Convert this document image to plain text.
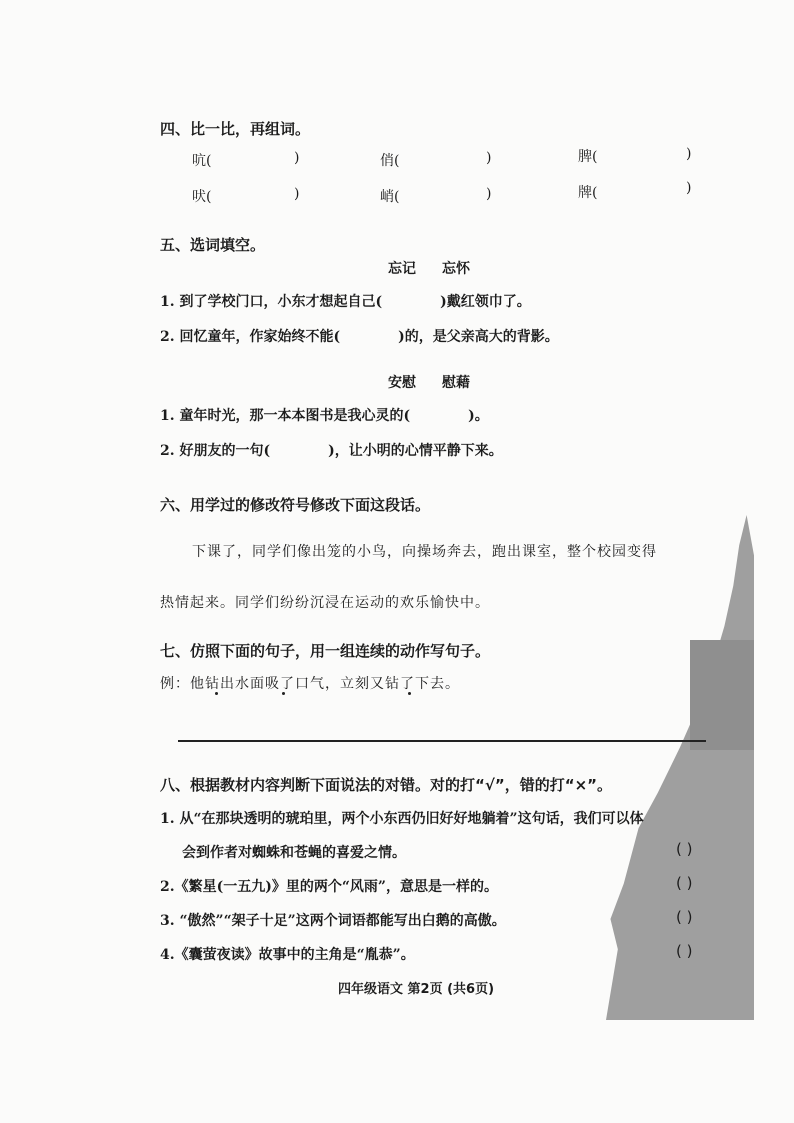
四、比一比，再组词。
吭(	)	俏(	)	脾(	)
吠(	)	峭(	)	牌(	)
五、选词填空。
忘记 忘怀
1. 到了学校门口，小东才想起自己(	)戴红领巾了。
2. 回忆童年，作家始终不能(	)的，是父亲高大的背影。
安慰 慰藉
1. 童年时光，那一本本图书是我心灵的(	)。
2. 好朋友的一句(	)，让小明的心情平静下来。
六、用学过的修改符号修改下面这段话。
下课了，同学们像出笼的小鸟，向操场奔去，跑出课室，整个校园变得
热情起来。同学们纷纷沉浸在运动的欢乐愉快中。
七、仿照下面的句子，用一组连续的动作写句子。
例：他钻出水面吸了口气，立刻又钻了下去。
八、根据教材内容判断下面说法的对错。对的打“√”，错的打“×”。
1. 从“在那块透明的琥珀里，两个小东西仍旧好好地躺着”这句话，我们可以体
会到作者对蜘蛛和苍蝇的喜爱之情。	( )
2.《繁星(一五九)》里的两个“风雨”，意思是一样的。	( )
3. “傲然”“架子十足”这两个词语都能写出白鹅的高傲。	( )
4.《囊萤夜读》故事中的主角是“胤恭”。	( )
四年级语文 第2页 (共6页)
